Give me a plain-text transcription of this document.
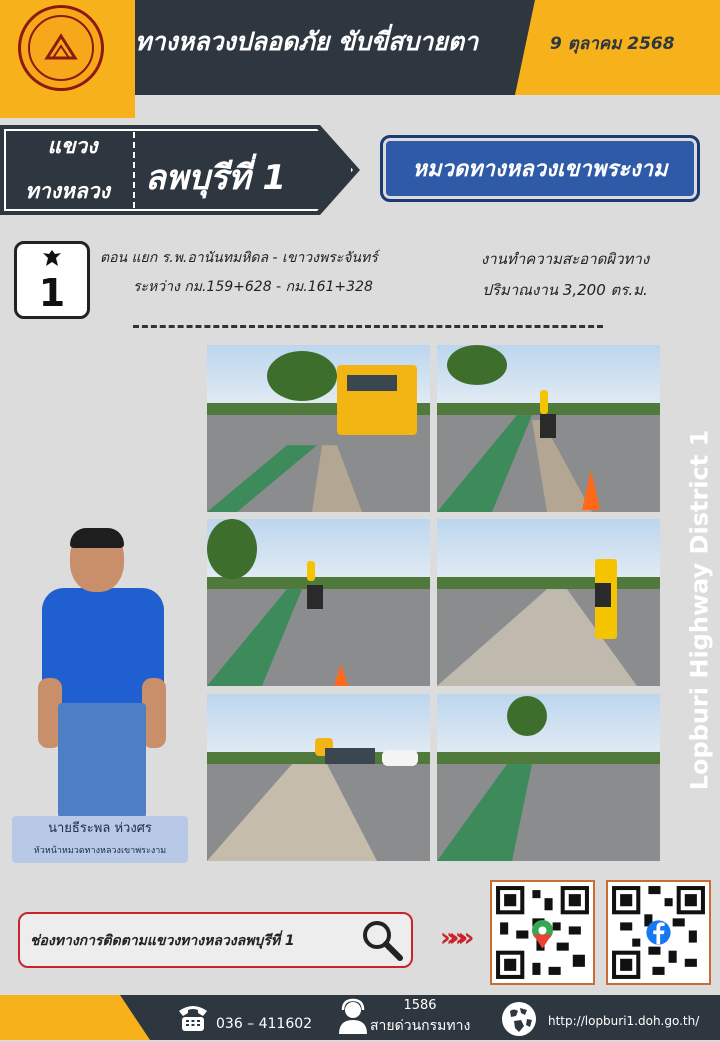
ทางหลวงปลอดภัย ขับขี่สบายตา	9 ตุลาคม 2568
แขวง
ทางหลวง	ลพบุรีที่ 1	หมวดทางหลวงเขาพระงาม
1
ตอน แยก ร.พ.อานันทมหิดล - เขาวงพระจันทร์
ระหว่าง กม.159+628 - กม.161+328
งานทำความสะอาดผิวทาง
ปริมาณงาน 3,200 ตร.ม.
นายธีระพล ห่วงศร
หัวหน้าหมวดทางหลวงเขาพระงาม
Lopburi Highway District 1
ช่องทางการติดตามแขวงทางหลวงลพบุรีที่ 1	»»»
036 – 411602
1586
สายด่วนกรมทาง	http://lopburi1.doh.go.th/
